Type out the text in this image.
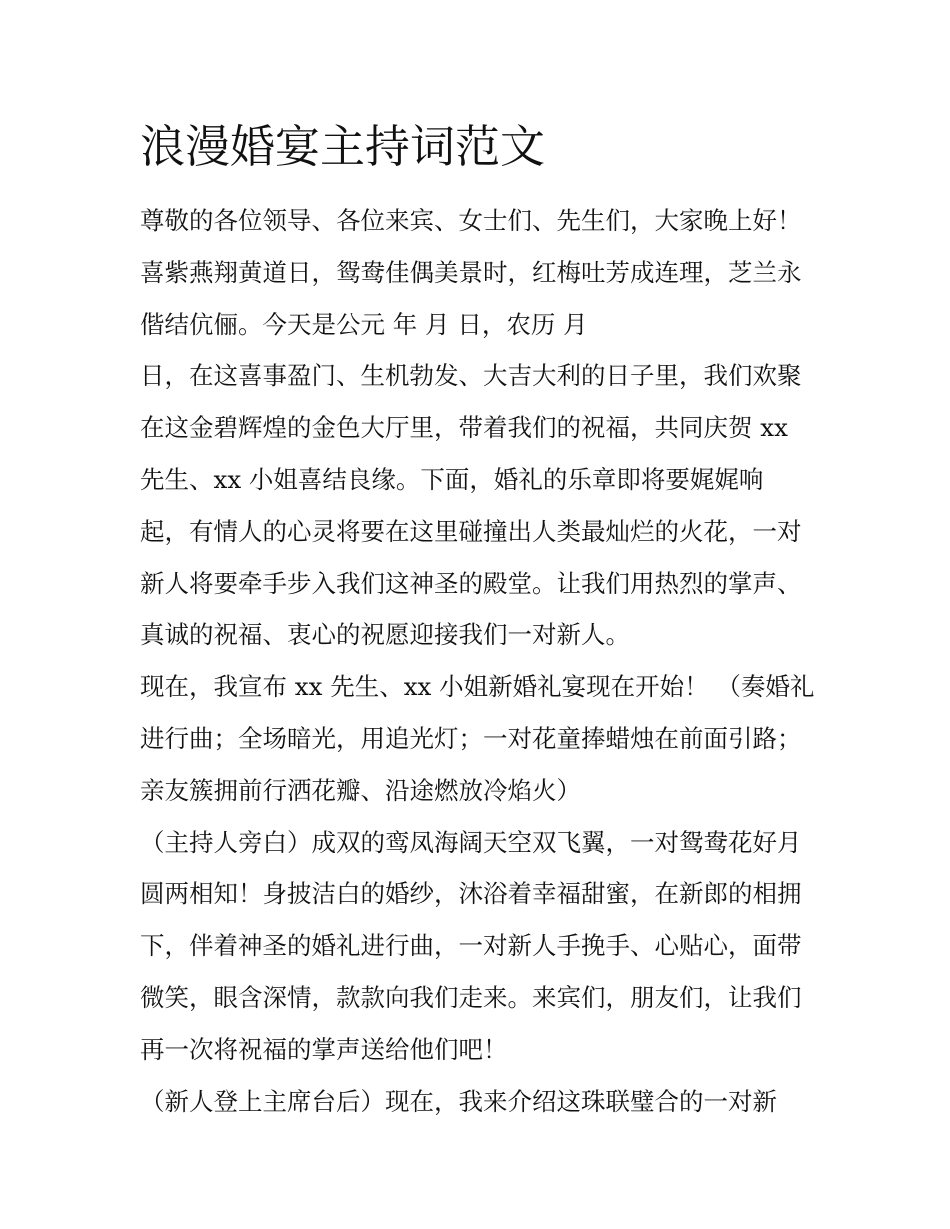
浪漫婚宴主持词范文
尊敬的各位领导、各位来宾、女士们、先生们，大家晚上好！
喜紫燕翔黄道日，鸳鸯佳偶美景时，红梅吐芳成连理，芝兰永
偕结伉俪。今天是公元 年 月 日，农历 月
日，在这喜事盈门、生机勃发、大吉大利的日子里，我们欢聚
在这金碧辉煌的金色大厅里，带着我们的祝福，共同庆贺 xx
先生、xx 小姐喜结良缘。下面，婚礼的乐章即将要娓娓响
起，有情人的心灵将要在这里碰撞出人类最灿烂的火花，一对
新人将要牵手步入我们这神圣的殿堂。让我们用热烈的掌声、
真诚的祝福、衷心的祝愿迎接我们一对新人。
现在，我宣布 xx 先生、xx 小姐新婚礼宴现在开始！ （奏婚礼
进行曲；全场暗光，用追光灯；一对花童捧蜡烛在前面引路；
亲友簇拥前行洒花瓣、沿途燃放冷焰火）
（主持人旁白）成双的鸾凤海阔天空双飞翼，一对鸳鸯花好月
圆两相知！身披洁白的婚纱，沐浴着幸福甜蜜，在新郎的相拥
下，伴着神圣的婚礼进行曲，一对新人手挽手、心贴心，面带
微笑，眼含深情，款款向我们走来。来宾们，朋友们，让我们
再一次将祝福的掌声送给他们吧！
（新人登上主席台后）现在，我来介绍这珠联璧合的一对新
